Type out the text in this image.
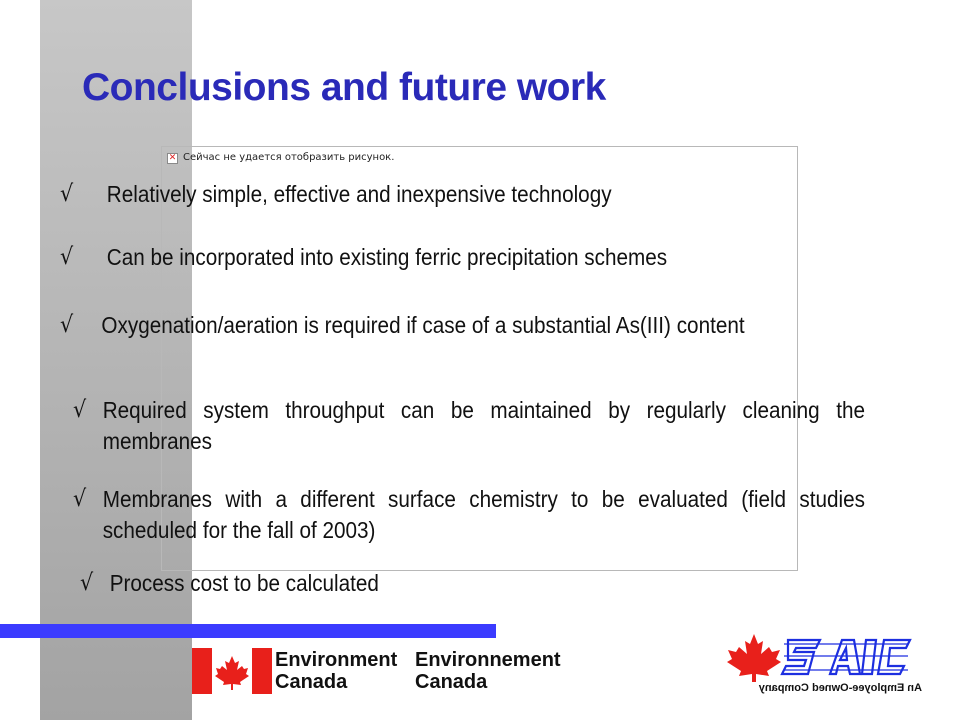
Conclusions and future work
✕ Сейчас не удается отобразить рисунок.
√ Relatively simple, effective and inexpensive technology
√ Can be incorporated into existing ferric precipitation schemes
√ Oxygenation/aeration is required if case of a substantial As(III) content
√ Required system throughput can be maintained by regularly cleaning the membranes
√ Membranes with a different surface chemistry to be evaluated (field studies scheduled for the fall of 2003)
√ Process cost to be calculated
Environment
Canada
Environnement
Canada	An Employee-Owned Company
